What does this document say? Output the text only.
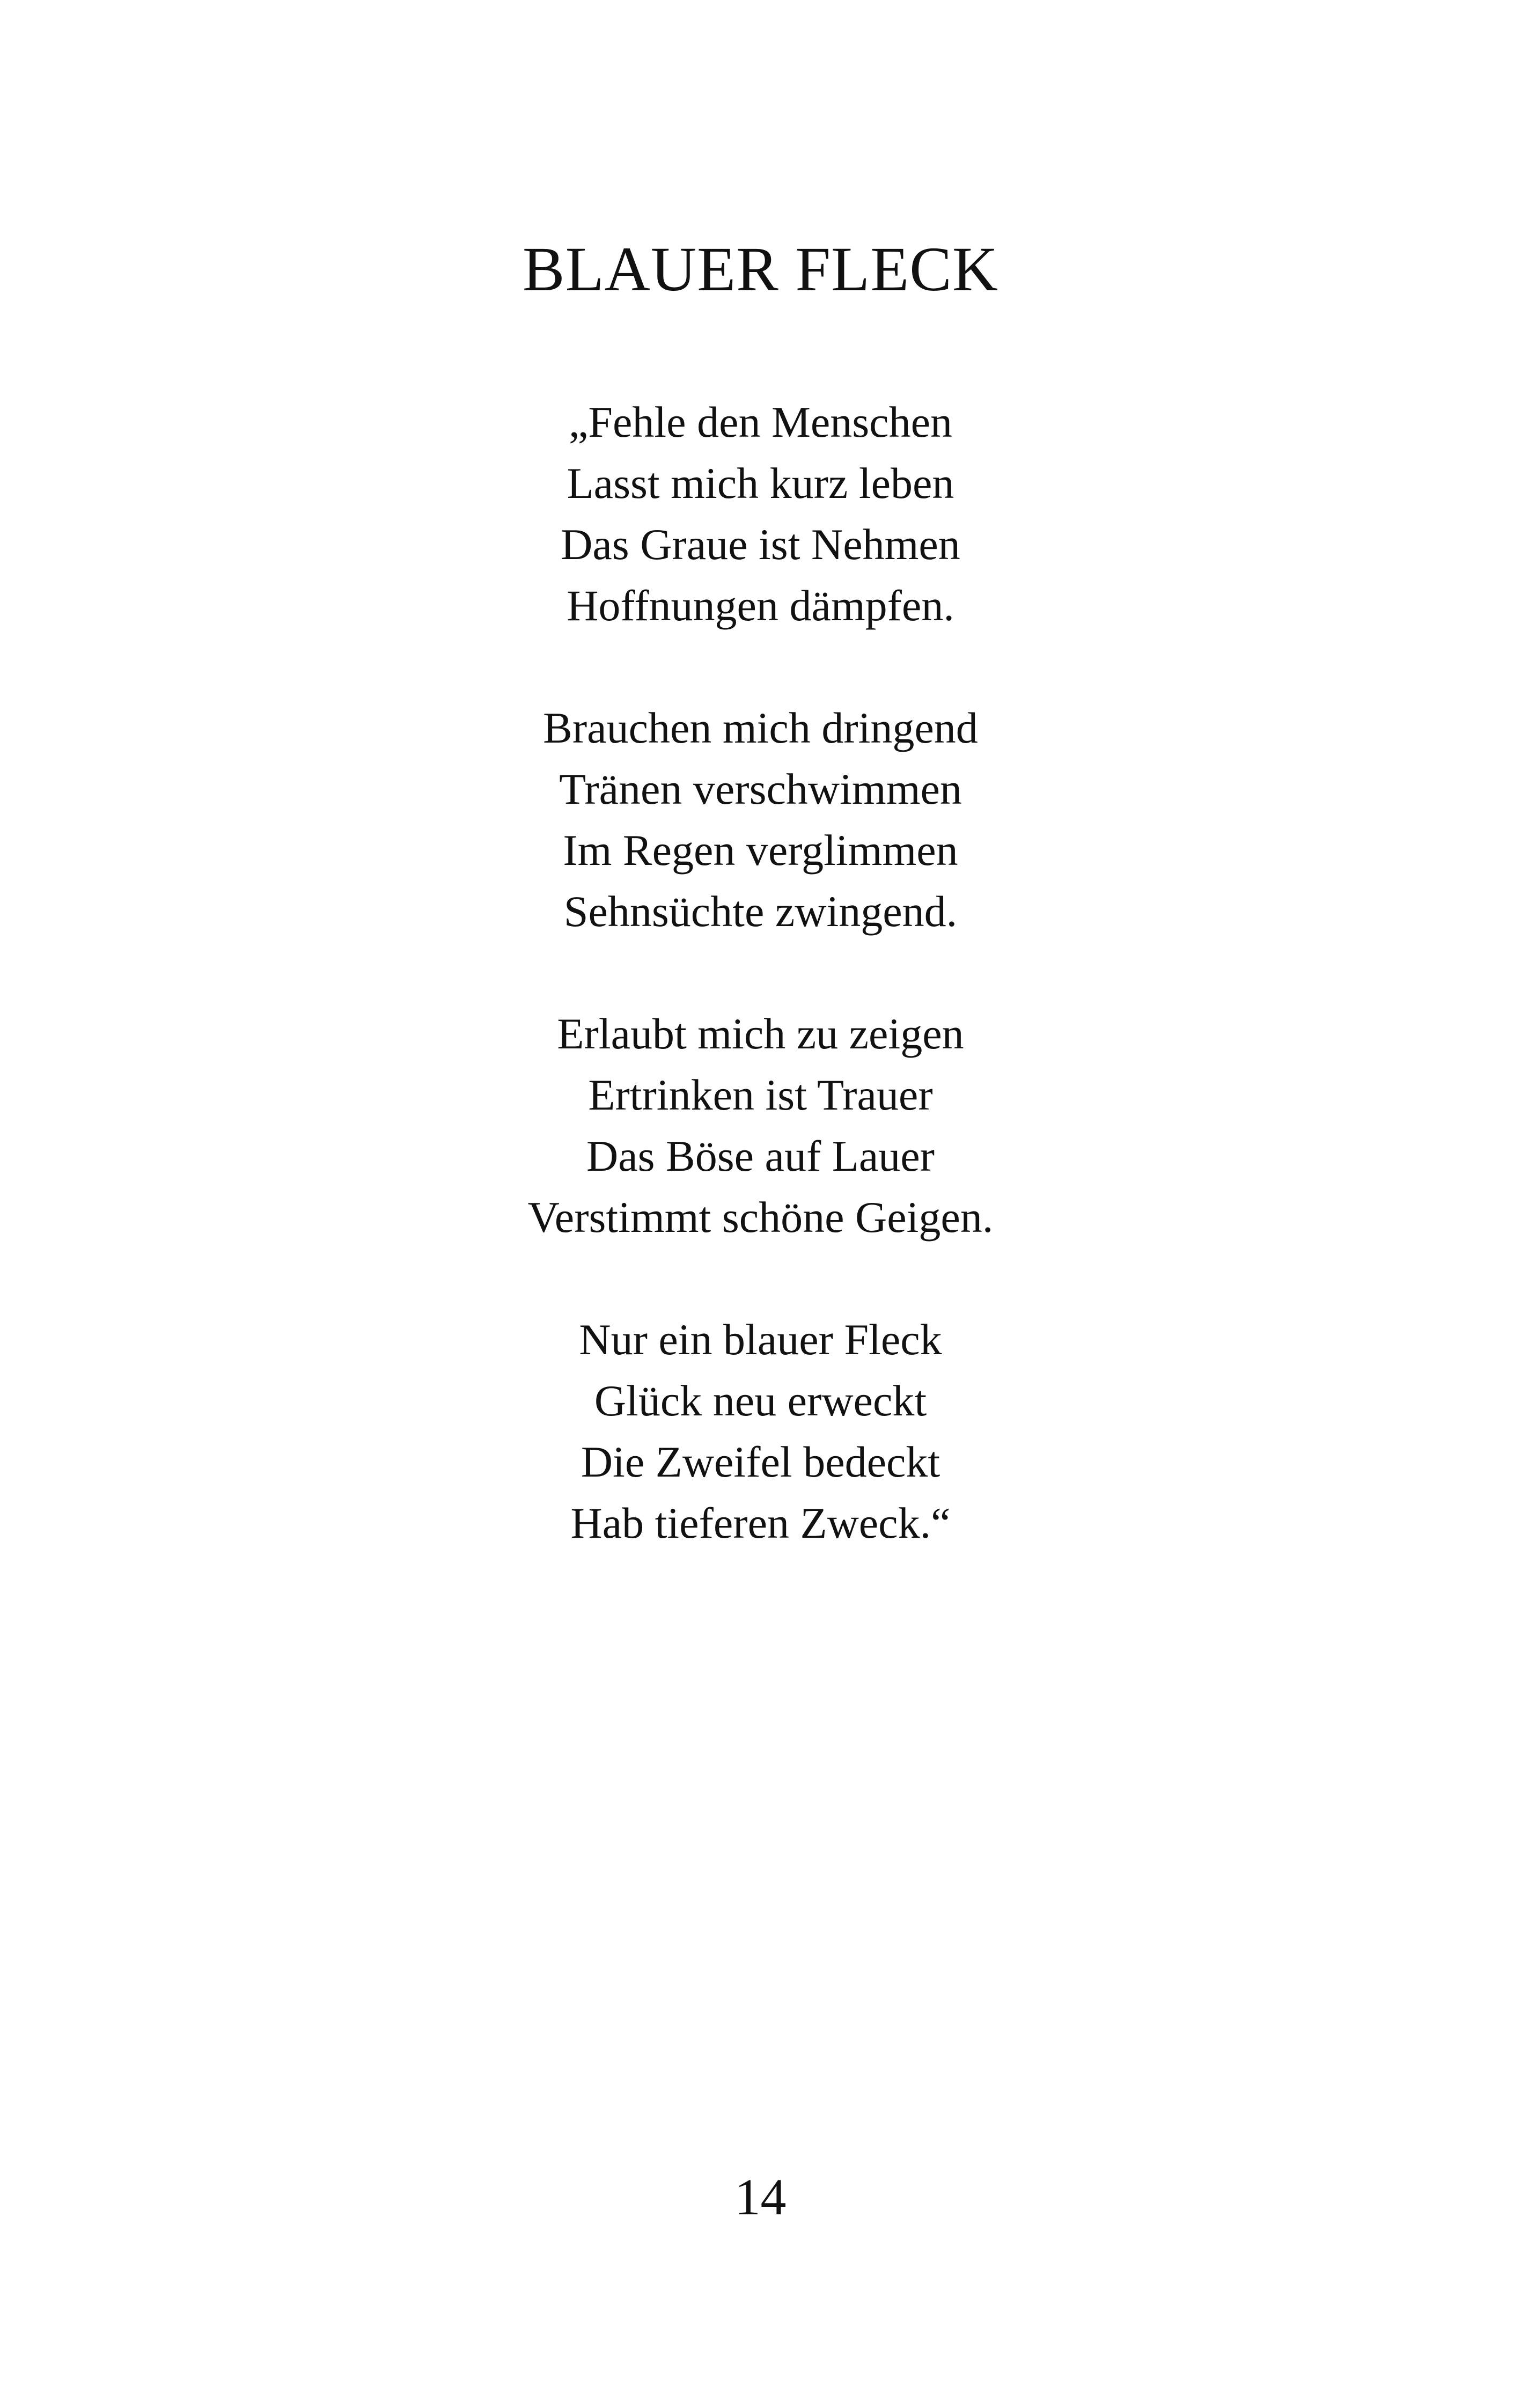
BLAUER FLECK
„Fehle den Menschen
Lasst mich kurz leben
Das Graue ist Nehmen
Hoffnungen dämpfen.
Brauchen mich dringend
Tränen verschwimmen
Im Regen verglimmen
Sehnsüchte zwingend.
Erlaubt mich zu zeigen
Ertrinken ist Trauer
Das Böse auf Lauer
Verstimmt schöne Geigen.
Nur ein blauer Fleck
Glück neu erweckt
Die Zweifel bedeckt
Hab tieferen Zweck.“
14
